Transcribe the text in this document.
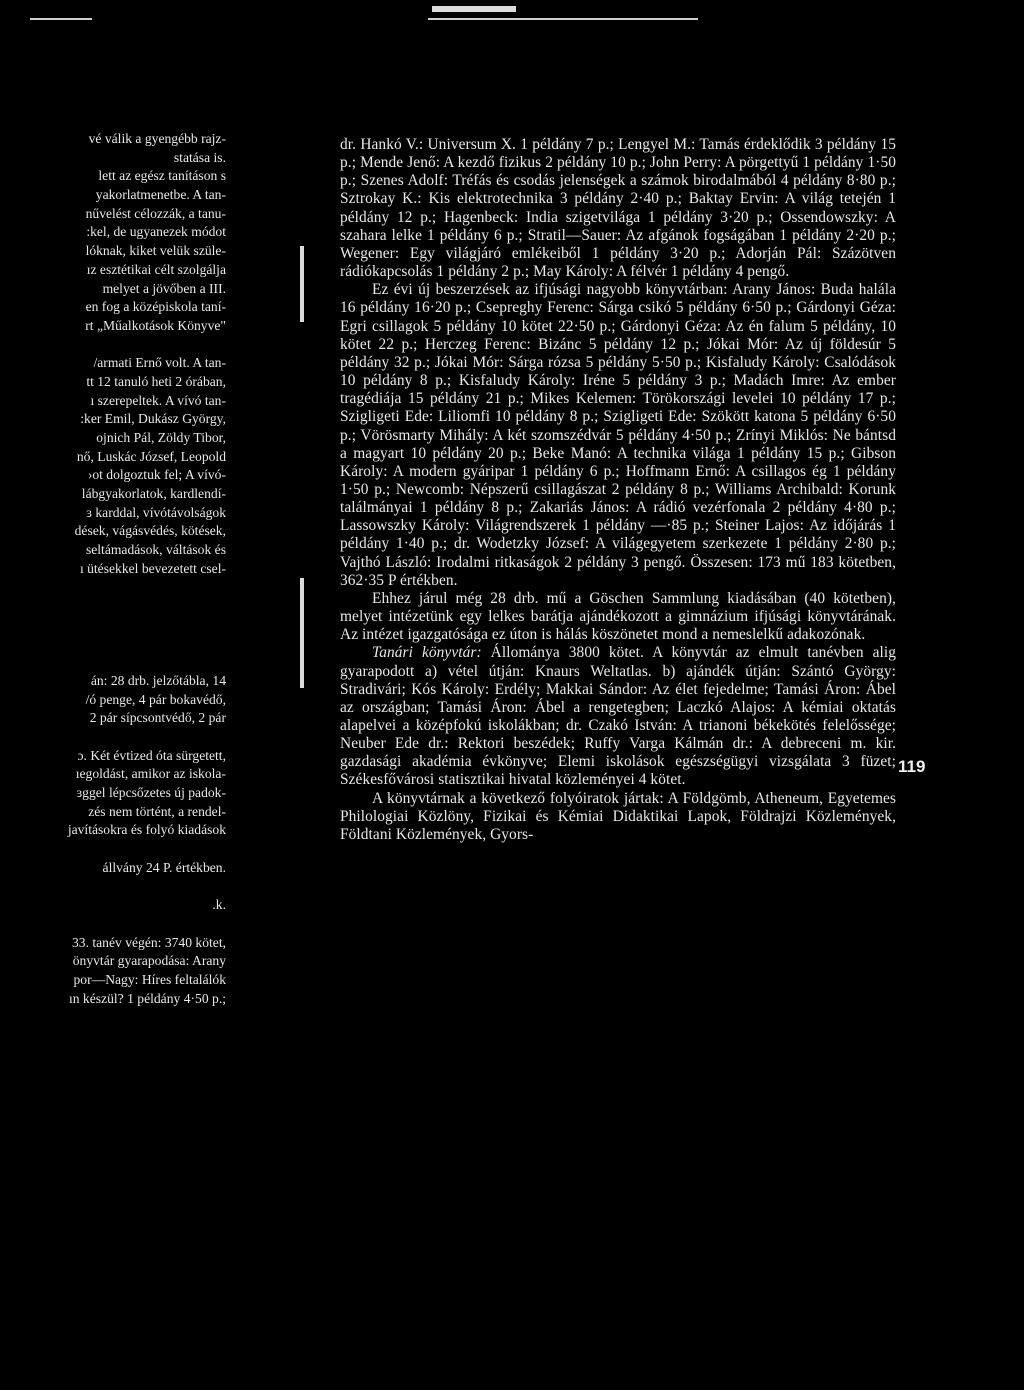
vé válik a gyengébb rajz-
statása is.
lett az egész tanításon s
yakorlatmenetbe. A tan-
nűvelést célozzák, a tanu-
:kel, de ugyanezek módot
lóknak, kiket velük szüle-
ız esztétikai célt szolgálja
melyet a jövőben a III.
en fog a középiskola taní-
rt „Műalkotások Könyve"
/armati Ernő volt. A tan-
tt 12 tanuló heti 2 órában,
ı szerepeltek. A vívó tan-
:ker Emil, Dukász György,
ojnich Pál, Zöldy Tibor,
nő, Luskác József, Leopold
›ot dolgoztuk fel; A vívó-
lábgyakorlatok, kardlendí-
ɜ karddal, vívótávolságok
dések, vágásvédés, kötések,
seltámadások, váltások és
ı ütésekkel bevezetett csel-
án: 28 drb. jelzőtábla, 14
/ó penge, 4 pár bokavédő,
2 pár sípcsontvédő, 2 pár
ɔ. Két évtized óta sürgetett,
ıegoldást, amikor az iskola-
ɜggel lépcsőzetes új padok-
zés nem történt, a rendel-
javításokra és folyó kiadások
állvány 24 P. értékben.
.k.
33. tanév végén: 3740 kötet,
önyvtár gyarapodása: Arany
por—Nagy: Híres feltalálók
ın készül? 1 példány 4·50 p.;

dr. Hankó V.: Universum X. 1 példány 7 p.; Lengyel M.: Tamás érdeklődik 3 példány 15 p.; Mende Jenő: A kezdő fizikus 2 példány 10 p.; John Perry: A pörgettyű 1 példány 1·50 p.; Szenes Adolf: Tréfás és csodás jelenségek a számok birodalmából 4 példány 8·80 p.; Sztrokay K.: Kis elektrotechnika 3 példány 2·40 p.; Baktay Ervin: A világ tetején 1 példány 12 p.; Hagenbeck: India szigetvilága 1 példány 3·20 p.; Ossendowszky: A szahara lelke 1 példány 6 p.; Stratil—Sauer: Az afgánok fogságában 1 példány 2·20 p.; Wegener: Egy világjáró emlékeiből 1 példány 3·20 p.; Adorján Pál: Százötven rádiókapcsolás 1 példány 2 p.; May Károly: A félvér 1 példány 4 pengő.

Ez évi új beszerzések az ifjúsági nagyobb könyvtárban: Arany János: Buda halála 16 példány 16·20 p.; Csepreghy Ferenc: Sárga csikó 5 példány 6·50 p.; Gárdonyi Géza: Egri csillagok 5 példány 10 kötet 22·50 p.; Gárdonyi Géza: Az én falum 5 példány, 10 kötet 22 p.; Herczeg Ferenc: Bizánc 5 példány 12 p.; Jókai Mór: Az új földesúr 5 példány 32 p.; Jókai Mór: Sárga rózsa 5 példány 5·50 p.; Kisfaludy Károly: Csalódások 10 példány 8 p.; Kisfaludy Károly: Iréne 5 példány 3 p.; Madách Imre: Az ember tragédiája 15 példány 21 p.; Mikes Kelemen: Törökországi levelei 10 példány 17 p.; Szigligeti Ede: Liliomfi 10 példány 8 p.; Szigligeti Ede: Szökött katona 5 példány 6·50 p.; Vörösmarty Mihály: A két szomszédvár 5 példány 4·50 p.; Zrínyi Miklós: Ne bántsd a magyart 10 példány 20 p.; Beke Manó: A technika világa 1 példány 15 p.; Gibson Károly: A modern gyáripar 1 példány 6 p.; Hoffmann Ernő: A csillagos ég 1 példány 1·50 p.; Newcomb: Népszerű csillagászat 2 példány 8 p.; Williams Archibald: Korunk találmányai 1 példány 8 p.; Zakariás János: A rádió vezérfonala 2 példány 4·80 p.; Lassowszky Károly: Világrendszerek 1 példány —·85 p.; Steiner Lajos: Az időjárás 1 példány 1·40 p.; dr. Wodetzky József: A világegyetem szerkezete 1 példány 2·80 p.; Vajthó László: Irodalmi ritkaságok 2 példány 3 pengő. Összesen: 173 mű 183 kötetben, 362·35 P értékben.

Ehhez járul még 28 drb. mű a Göschen Sammlung kiadásában (40 kötetben), melyet intézetünk egy lelkes barátja ajándékozott a gimnázium ifjúsági könyvtárának. Az intézet igazgatósága ez úton is hálás köszönetet mond a nemeslelkű adakozónak.

Tanári könyvtár: Állománya 3800 kötet. A könyvtár az elmult tanévben alig gyarapodott a) vétel útján: Knaurs Weltatlas. b) ajándék útján: Szántó György: Stradivári; Kós Károly: Erdély; Makkai Sándor: Az élet fejedelme; Tamási Áron: Ábel az országban; Tamási Áron: Ábel a rengetegben; Laczkó Alajos: A kémiai oktatás alapelvei a középfokú iskolákban; dr. Czakó István: A trianoni békekötés felelőssége; Neuber Ede dr.: Rektori beszédek; Ruffy Varga Kálmán dr.: A debreceni m. kir. gazdasági akadémia évkönyve; Elemi iskolások egészségügyi vizsgálata 3 füzet; Székesfővárosi statisztikai hivatal közleményei 4 kötet.

A könyvtárnak a következő folyóiratok jártak: A Földgömb, Atheneum, Egyetemes Philologiai Közlöny, Fizikai és Kémiai Didaktikai Lapok, Földrajzi Közlemények, Földtani Közlemények, Gyors-

119
